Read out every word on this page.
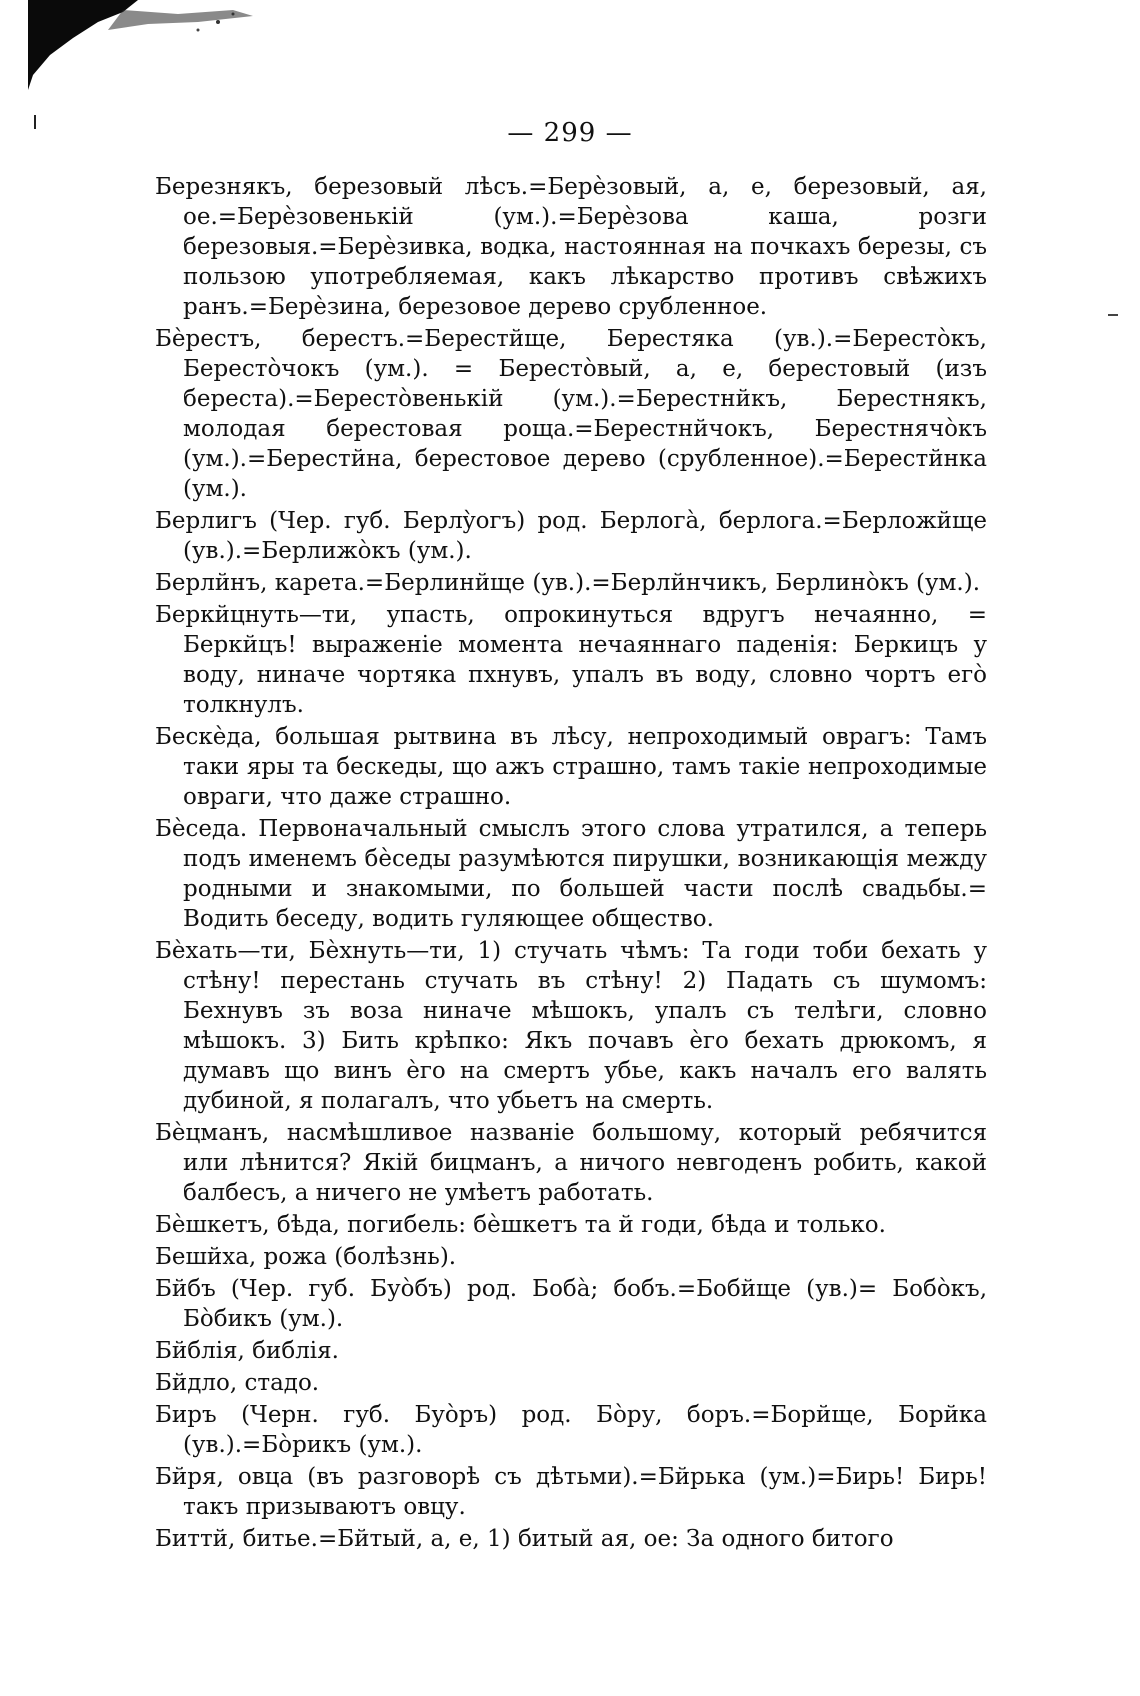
— 299 —

Березнякъ, березовый лѣсъ.=Берѐзовый, а, е, березовый, ая, ое.=Берѐзовенькій (ум.).=Берѐзова каша, розги березовыя.=Берѐзивка, водка, настоянная на почкахъ березы, съ пользою употребляемая, какъ лѣкарство противъ свѣжихъ ранъ.=Берѐзина, березовое дерево срубленное.

Бѐрестъ, берестъ.=Берестйще, Берестяка (ув.).=Берестòкъ, Берестòчокъ (ум.). = Берестòвый, а, е, берестовый (изъ береста).=Берестòвенькій (ум.).=Берестнйкъ, Берестнякъ, молодая берестовая роща.=Берестнйчокъ, Берестнячòкъ (ум.).=Берестйна, берестовое дерево (срубленное).=Берестйнка (ум.).

Берлигъ (Чер. губ. Берлỳогъ) род. Берлогà, берлога.=Берложйще (ув.).=Берлижòкъ (ум.).

Берлйнъ, карета.=Берлинйще (ув.).=Берлйнчикъ, Берлинòкъ (ум.).

Беркйцнуть—ти, упасть, опрокинуться вдругъ нечаянно, = Беркйцъ! выраженіе момента нечаяннаго паденія: Беркицъ у воду, ниначе чортяка пхнувъ, упалъ въ воду, словно чортъ егò толкнулъ.

Бескѐда, большая рытвина въ лѣсу, непроходимый оврагъ: Тамъ таки яры та бескеды, що ажъ страшно, тамъ такіе непроходимые овраги, что даже страшно.

Бѐседа. Первоначальный смыслъ этого слова утратился, а теперь подъ именемъ бѐседы разумѣются пирушки, возникающія между родными и знакомыми, по большей части послѣ свадьбы.= Водить беседу, водить гуляющее общество.

Бѐхать—ти, Бѐхнуть—ти, 1) стучать чѣмъ: Та годи тоби бехать у стѣну! перестань стучать въ стѣну! 2) Падать съ шумомъ: Бехнувъ зъ воза ниначе мѣшокъ, упалъ съ телѣги, словно мѣшокъ. 3) Бить крѣпко: Якъ почавъ ѐго бехать дрюкомъ, я думавъ що винъ ѐго на смертъ убье, какъ началъ его валять дубиной, я полагалъ, что убьетъ на смерть.

Бѐцманъ, насмѣшливое названіе большому, который ребячится или лѣнится? Якій бицманъ, а ничого невгоденъ робить, какой балбесъ, а ничего не умѣетъ работать.

Бѐшкетъ, бѣда, погибель: бѐшкетъ та й годи, бѣда и только.

Бешйха, рожа (болѣзнь).

Бйбъ (Чер. губ. Буòбъ) род. Бобà; бобъ.=Бобйще (ув.)= Бобòкъ, Бòбикъ (ум.).

Бйблія, библія.

Бйдло, стадо.

Биръ (Черн. губ. Буòръ) род. Бòру, боръ.=Борйще, Борйка (ув.).=Бòрикъ (ум.).

Бйря, овца (въ разговорѣ съ дѣтьми).=Бйрька (ум.)=Бирь! Бирь! такъ призываютъ овцу.

Биттй, битье.=Бйтый, а, е, 1) битый ая, ое: За одного битого
